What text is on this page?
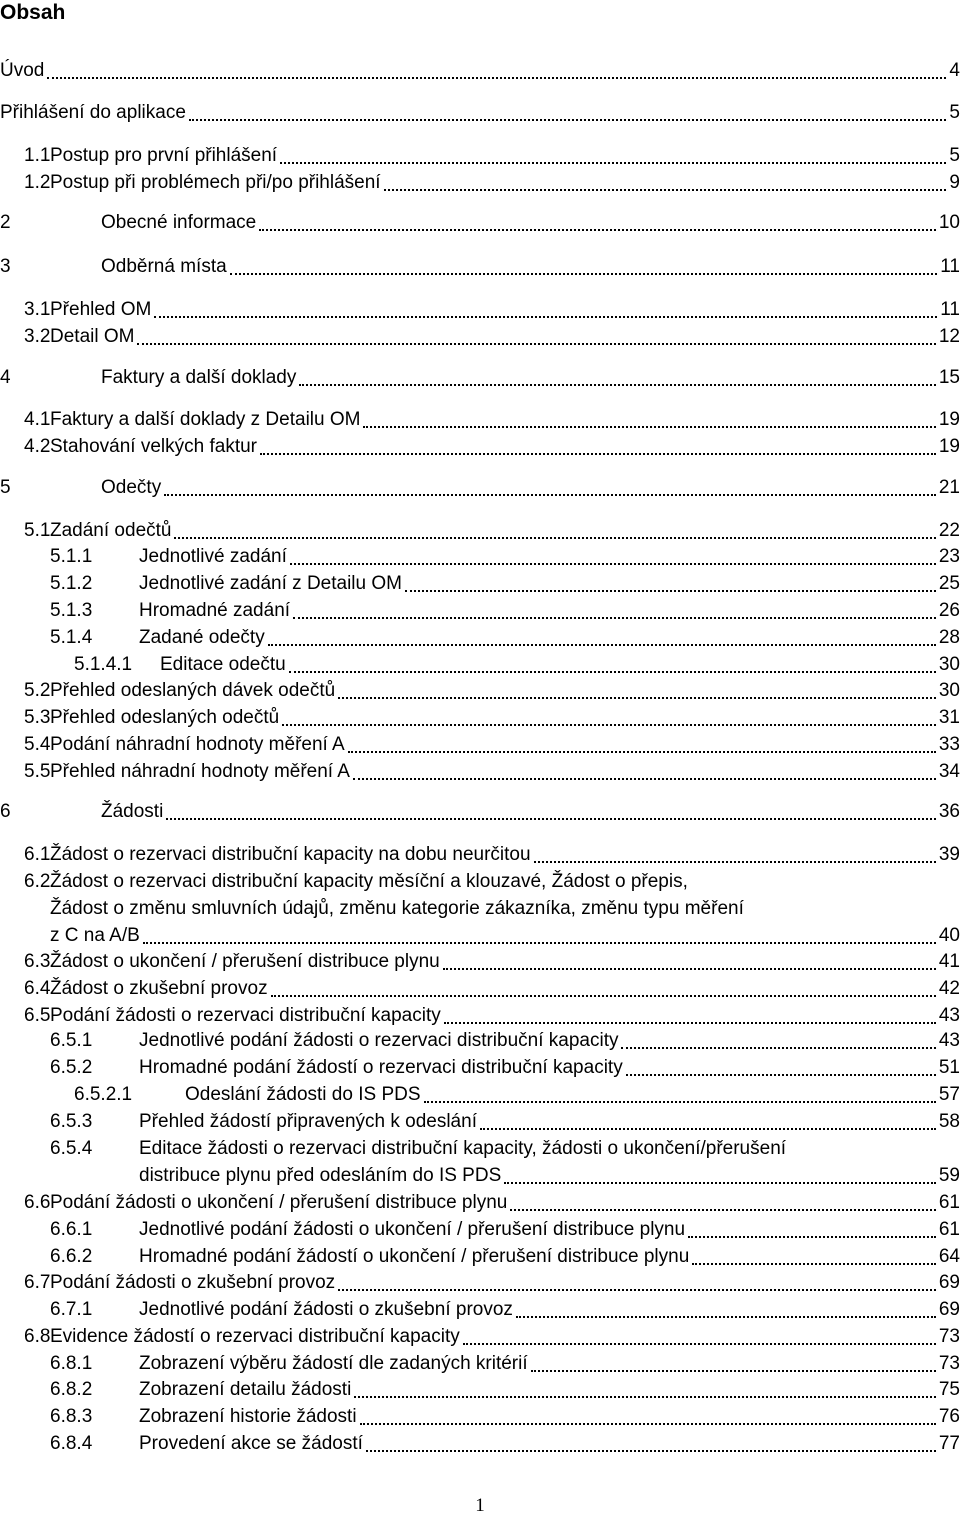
Obsah
Úvod	4
Přihlášení do aplikace	5
1.1 Postup pro první přihlášení	5
1.2 Postup při problémech při/po přihlášení	9
2	Obecné informace	10
3	Odběrná místa	11
3.1 Přehled OM	11
3.2 Detail OM	12
4	Faktury a další doklady	15
4.1 Faktury a další doklady z Detailu OM	19
4.2 Stahování velkých faktur	19
5	Odečty	21
5.1 Zadání odečtů	22
5.1.1 Jednotlivé zadání	23
5.1.2 Jednotlivé zadání z Detailu OM	25
5.1.3 Hromadné zadání	26
5.1.4 Zadané odečty	28
5.1.4.1 Editace odečtu	30
5.2 Přehled odeslaných dávek odečtů	30
5.3 Přehled odeslaných odečtů	31
5.4 Podání náhradní hodnoty měření A	33
5.5 Přehled náhradní hodnoty měření A	34
6	Žádosti	36
6.1 Žádost o rezervaci distribuční kapacity na dobu neurčitou	39
6.2 Žádost o rezervaci distribuční kapacity měsíční a klouzavé, Žádost o přepis,
Žádost o změnu smluvních údajů, změnu kategorie zákazníka, změnu typu měření
z C na A/B	40
6.3 Žádost o ukončení / přerušení distribuce plynu	41
6.4 Žádost o zkušební provoz	42
6.5 Podání žádosti o rezervaci distribuční kapacity	43
6.5.1 Jednotlivé podání žádosti o rezervaci distribuční kapacity	43
6.5.2 Hromadné podání žádostí o rezervaci distribuční kapacity	51
6.5.2.1	Odeslání žádosti do IS PDS	57
6.5.3 Přehled žádostí připravených k odeslání	58
6.5.4 Editace žádosti o rezervaci distribuční kapacity, žádosti o ukončení/přerušení
distribuce plynu před odesláním do IS PDS	59
6.6 Podání žádosti o ukončení / přerušení distribuce plynu	61
6.6.1 Jednotlivé podání žádosti o ukončení / přerušení distribuce plynu	61
6.6.2 Hromadné podání žádostí o ukončení / přerušení distribuce plynu	64
6.7 Podání žádosti o zkušební provoz	69
6.7.1 Jednotlivé podání žádosti o zkušební provoz	69
6.8 Evidence žádostí o rezervaci distribuční kapacity	73
6.8.1 Zobrazení výběru žádostí dle zadaných kritérií	73
6.8.2 Zobrazení detailu žádosti	75
6.8.3 Zobrazení historie žádosti	76
6.8.4 Provedení akce se žádostí	77
1
